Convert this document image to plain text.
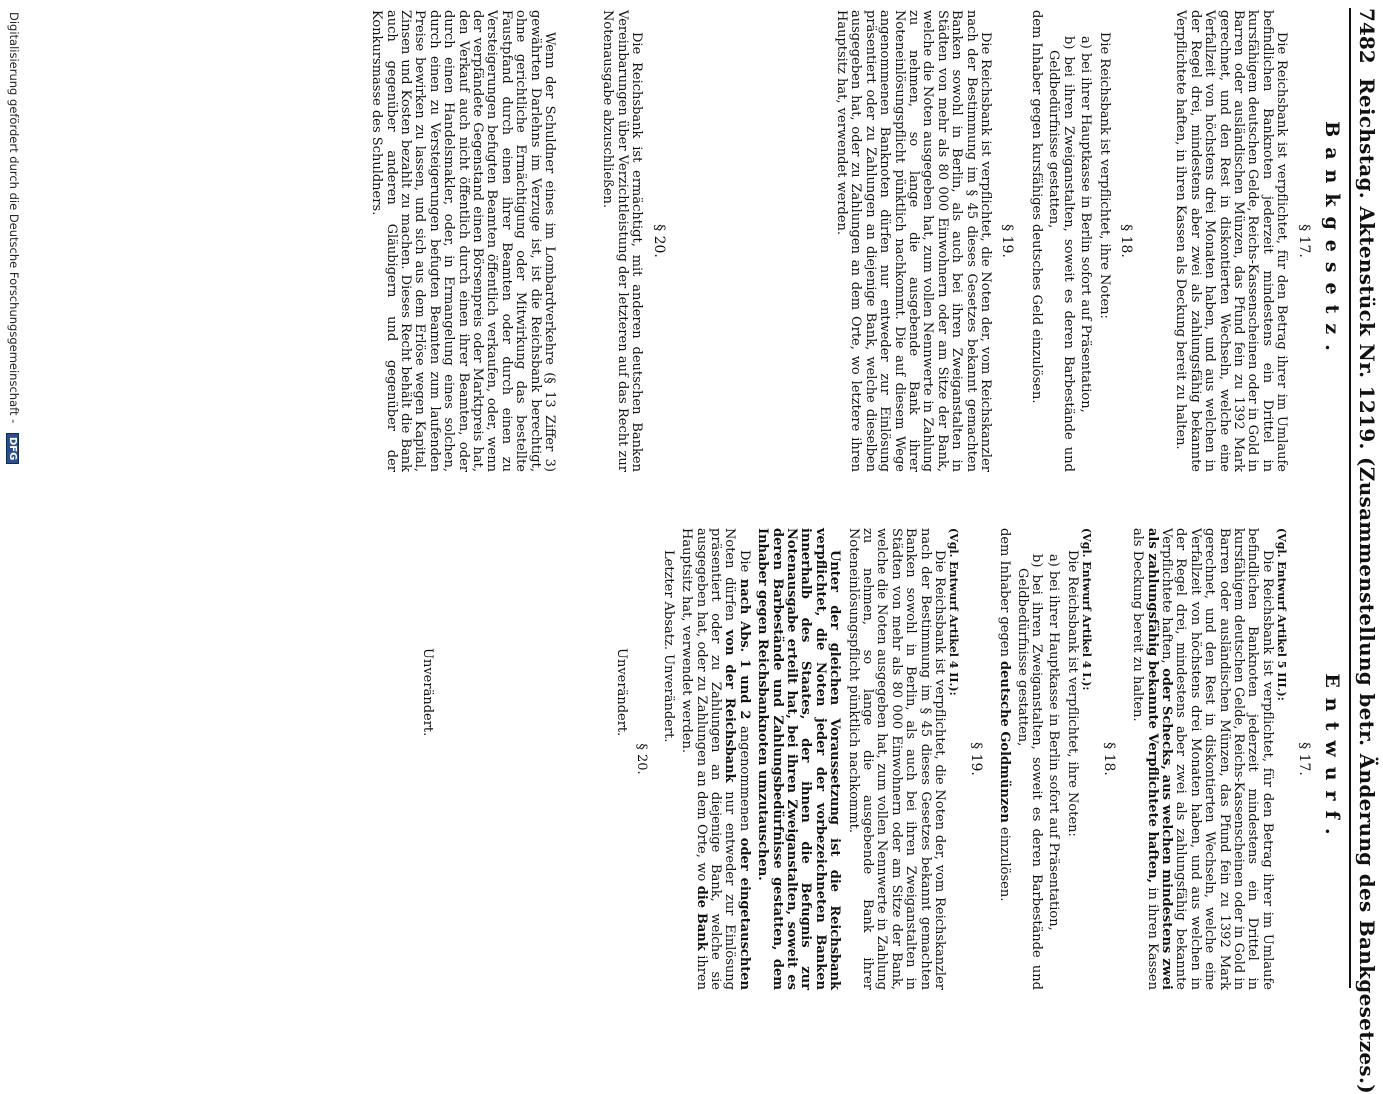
7482
Reichstag. Aktenstück Nr. 1219. (Zusammenstellung betr. Änderung des Bankgesetzes.)
Bankgesetz.
§ 17.

Die Reichsbank ist verpflichtet, für den Betrag ihrer im Umlaufe befindlichen Banknoten jederzeit mindestens ein Drittel in kursfähigem deutschen Gelde, Reichs-Kassenscheinen oder in Gold in Barren oder ausländischen Münzen, das Pfund fein zu 1392 Mark gerechnet, und den Rest in diskontierten Wechseln, welche eine Verfallzeit von höchstens drei Monaten haben, und aus welchen in der Regel drei, mindestens aber zwei als zahlungsfähig bekannte Verpflichtete haften, in ihren Kassen als Deckung bereit zu halten.

§ 18.

Die Reichsbank ist verpflichtet, ihre Noten:

a) bei ihrer Hauptkasse in Berlin sofort auf Präsentation,
b) bei ihren Zweiganstalten, soweit es deren Barbestände und Geldbedürfnisse gestatten,

dem Inhaber gegen kursfähiges deutsches Geld einzulösen.

§ 19.

Die Reichsbank ist verpflichtet, die Noten der, vom Reichskanzler nach der Bestimmung im § 45 dieses Gesetzes bekannt gemachten Banken sowohl in Berlin, als auch bei ihren Zweiganstalten in Städten von mehr als 80 000 Einwohnern oder am Sitze der Bank, welche die Noten ausgegeben hat, zum vollen Nennwerte in Zahlung zu nehmen, so lange die ausgebende Bank ihrer Noteneinlösungspflicht pünktlich nachkommt. Die auf diesem Wege angenommenen Banknoten dürfen nur entweder zur Einlösung präsentiert oder zu Zahlungen an diejenige Bank, welche dieselben ausgegeben hat, oder zu Zahlungen an dem Orte, wo letztere ihren Hauptsitz hat, verwendet werden.

§ 20.

Die Reichsbank ist ermächtigt, mit anderen deutschen Banken Vereinbarungen über Verzichtleistung der letzteren auf das Recht zur Notenausgabe abzuschließen.

Wenn der Schuldner eines im Lombardverkehre (§ 13 Ziffer 3) gewährten Darlehns im Verzuge ist, ist die Reichsbank berechtigt, ohne gerichtliche Ermächtigung oder Mitwirkung das bestellte Faustpfand durch einen ihrer Beamten oder durch einen zu Versteigerungen befugten Beamten öffentlich verkaufen, oder, wenn der verpfändete Gegenstand einen Börsenpreis oder Marktpreis hat, den Verkauf auch nicht öffentlich durch einen ihrer Beamten, oder durch einen Handelsmakler, oder, in Ermangelung eines solchen, durch einen zu Versteigerungen befugten Beamten zum laufenden Preise bewirken zu lassen, und sich aus dem Erlöse wegen Kapital, Zinsen und Kosten bezahlt zu machen. Dieses Recht behält die Bank auch gegenüber anderen Gläubigern und gegenüber der Konkursmasse des Schuldners.

Entwurf.
§ 17.
(Vgl. Entwurf Artikel 5 III.):

Die Reichsbank ist verpflichtet, für den Betrag ihrer im Umlaufe befindlichen Banknoten jederzeit mindestens ein Drittel in kursfähigem deutschen Gelde, Reichs-Kassenscheinen oder in Gold in Barren oder ausländischen Münzen, das Pfund fein zu 1392 Mark gerechnet, und den Rest in diskontierten Wechseln, welche eine Verfallzeit von höchstens drei Monaten haben, und aus welchen in der Regel drei, mindestens aber zwei als zahlungsfähig bekannte Verpflichtete haften, oder Schecks, aus welchen mindestens zwei als zahlungsfähig bekannte Verpflichtete haften, in ihren Kassen als Deckung bereit zu halten.

§ 18.
(Vgl. Entwurf Artikel 4 I.):

Die Reichsbank ist verpflichtet, ihre Noten:

a) bei ihrer Hauptkasse in Berlin sofort auf Präsentation,
b) bei ihren Zweiganstalten, soweit es deren Barbestände und Geldbedürfnisse gestatten,

dem Inhaber gegen deutsche Goldmünzen einzulösen.

§ 19.
(Vgl. Entwurf Artikel 4 II.):

Die Reichsbank ist verpflichtet, die Noten der, vom Reichskanzler nach der Bestimmung im § 45 dieses Gesetzes bekannt gemachten Banken sowohl in Berlin, als auch bei ihren Zweiganstalten in Städten von mehr als 80 000 Einwohnern oder am Sitze der Bank, welche die Noten ausgegeben hat, zum vollen Nennwerte in Zahlung zu nehmen, so lange die ausgebende Bank ihrer Noteneinlösungspflicht pünktlich nachkommt.

Unter der gleichen Voraussetzung ist die Reichsbank verpflichtet, die Noten jeder der vorbezeichneten Banken innerhalb des Staates, der ihnen die Befugnis zur Notenausgabe erteilt hat, bei ihren Zweiganstalten, soweit es deren Barbestände und Zahlungsbedürfnisse gestatten, dem Inhaber gegen Reichsbanknoten umzutauschen.

Die nach Abs. 1 und 2 angenommenen oder eingetauschten Noten dürfen von der Reichsbank nur entweder zur Einlösung präsentiert oder zu Zahlungen an diejenige Bank, welche sie ausgegeben hat, oder zu Zahlungen an dem Orte, wo die Bank ihren Hauptsitz hat, verwendet werden.

Letzter Absatz. Unverändert.

§ 20.
Unverändert.
Unverändert.
Digitalisierung gefördert durch die Deutsche Forschungsgemeinschaft - DFG
